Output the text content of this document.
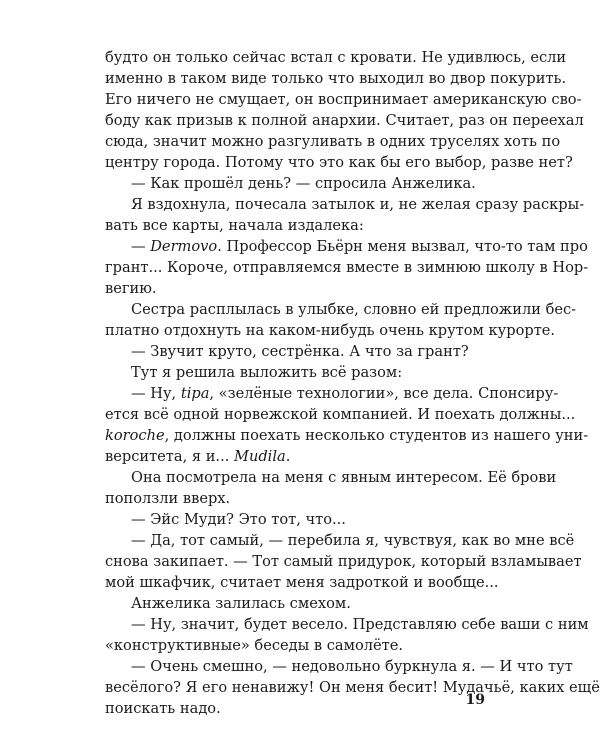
будто он только сейчас встал с кровати. Не удивлюсь, если
именно в таком виде только что выходил во двор покурить.
Его ничего не смущает, он воспринимает американскую сво-
боду как призыв к полной анархии. Считает, раз он переехал
сюда, значит можно разгуливать в одних труселях хоть по
центру города. Потому что это как бы его выбор, разве нет?
— Как прошёл день? — спросила Анжелика.
Я вздохнула, почесала затылок и, не желая сразу раскры-
вать все карты, начала издалека:
— Dermovo. Профессор Бьёрн меня вызвал, что-то там про
грант... Короче, отправляемся вместе в зимнюю школу в Нор-
вегию.
Сестра расплылась в улыбке, словно ей предложили бес-
платно отдохнуть на каком-нибудь очень крутом курорте.
— Звучит круто, сестрёнка. А что за грант?
Тут я решила выложить всё разом:
— Ну, tipa, «зелёные технологии», все дела. Спонсиру-
ется всё одной норвежской компанией. И поехать должны...
koroche, должны поехать несколько студентов из нашего уни-
верситета, я и... Mudila.
Она посмотрела на меня с явным интересом. Её брови
поползли вверх.
— Эйс Муди? Это тот, что...
— Да, тот самый, — перебила я, чувствуя, как во мне всё
снова закипает. — Тот самый придурок, который взламывает
мой шкафчик, считает меня задроткой и вообще...
Анжелика залилась смехом.
— Ну, значит, будет весело. Представляю себе ваши с ним
«конструктивные» беседы в самолёте.
— Очень смешно, — недовольно буркнула я. — И что тут
весёлого? Я его ненавижу! Он меня бесит! Мудачьё, каких ещё
поискать надо.	19
